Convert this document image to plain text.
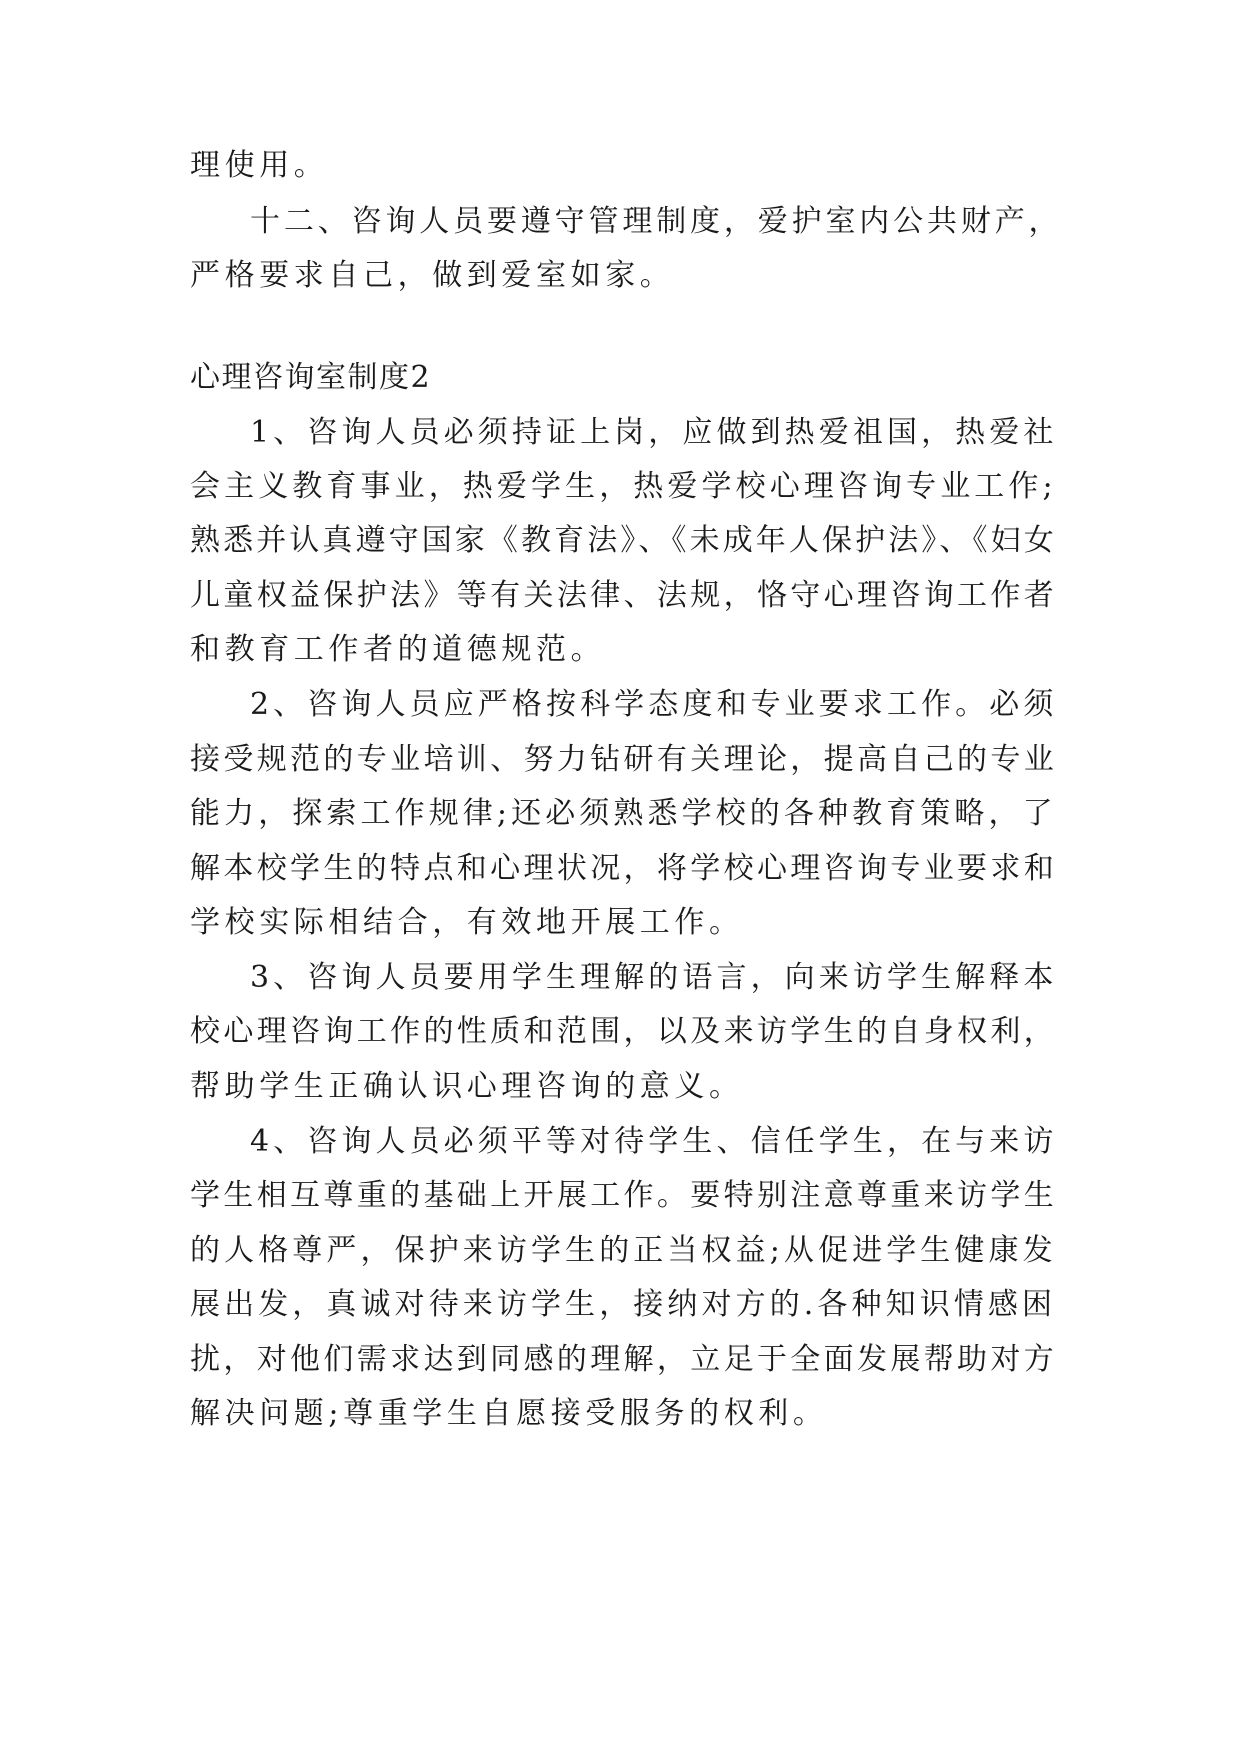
理使用。
十二、咨询人员要遵守管理制度，爱护室内公共财产，
严格要求自己，做到爱室如家。
心理咨询室制度2
1、咨询人员必须持证上岗，应做到热爱祖国，热爱社
会主义教育事业，热爱学生，热爱学校心理咨询专业工作;
熟悉并认真遵守国家《教育法》、《未成年人保护法》、《妇女
儿童权益保护法》等有关法律、法规，恪守心理咨询工作者
和教育工作者的道德规范。
2、咨询人员应严格按科学态度和专业要求工作。必须
接受规范的专业培训、努力钻研有关理论，提高自己的专业
能力，探索工作规律;还必须熟悉学校的各种教育策略，了
解本校学生的特点和心理状况，将学校心理咨询专业要求和
学校实际相结合，有效地开展工作。
3、咨询人员要用学生理解的语言，向来访学生解释本
校心理咨询工作的性质和范围，以及来访学生的自身权利，
帮助学生正确认识心理咨询的意义。
4、咨询人员必须平等对待学生、信任学生，在与来访
学生相互尊重的基础上开展工作。要特别注意尊重来访学生
的人格尊严，保护来访学生的正当权益;从促进学生健康发
展出发，真诚对待来访学生，接纳对方的.各种知识情感困
扰，对他们需求达到同感的理解，立足于全面发展帮助对方
解决问题;尊重学生自愿接受服务的权利。
